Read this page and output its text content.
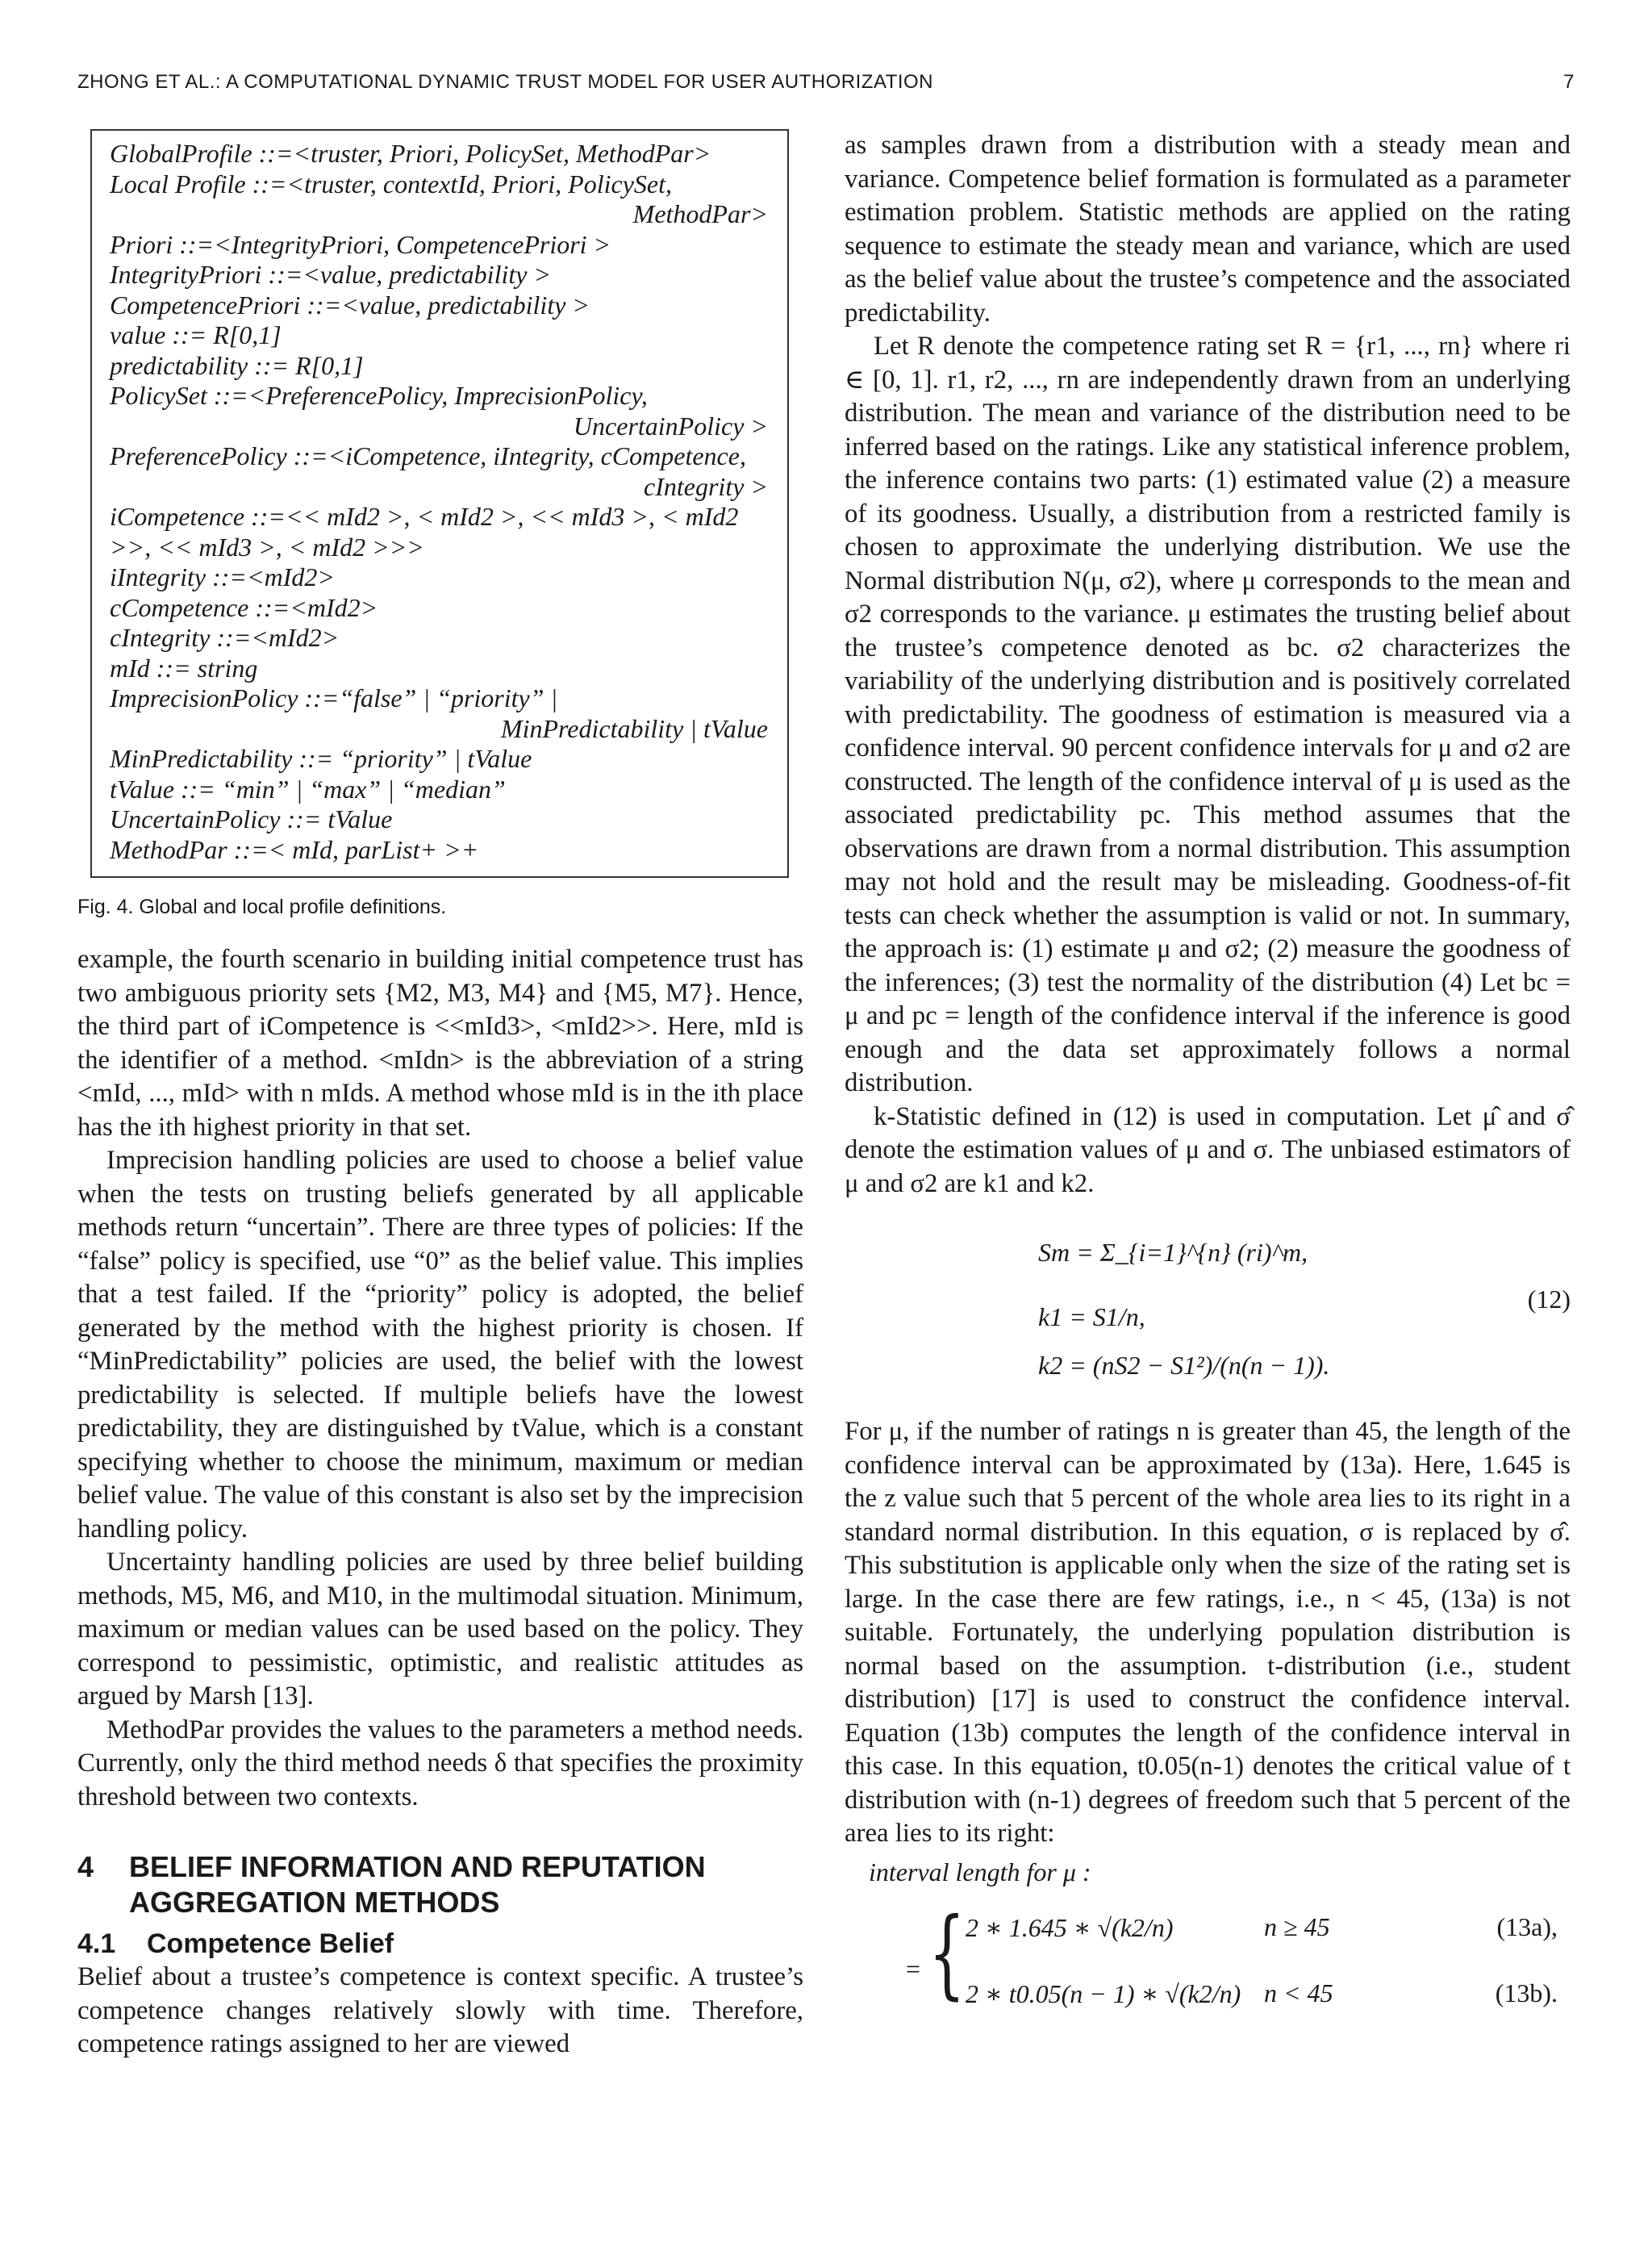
ZHONG ET AL.: A COMPUTATIONAL DYNAMIC TRUST MODEL FOR USER AUTHORIZATION	7
GlobalProfile ::=<truster, Priori, PolicySet, MethodPar>
Local Profile ::=<truster, contextId, Priori, PolicySet,
MethodPar>
Priori ::=<IntegrityPriori, CompetencePriori >
IntegrityPriori ::=<value, predictability >
CompetencePriori ::=<value, predictability >
value ::= R[0,1]
predictability ::= R[0,1]
PolicySet ::=<PreferencePolicy, ImprecisionPolicy,
UncertainPolicy >
PreferencePolicy ::=<iCompetence, iIntegrity, cCompetence,
cIntegrity >
iCompetence ::=<< mId2 >, < mId2 >, << mId3 >, < mId2
>>, << mId3 >, < mId2 >>>
iIntegrity ::=<mId2>
cCompetence ::=<mId2>
cIntegrity ::=<mId2>
mId ::= string
ImprecisionPolicy ::=“false” | “priority” |
MinPredictability | tValue
MinPredictability ::= “priority” | tValue
tValue ::= “min” | “max” | “median”
UncertainPolicy ::= tValue
MethodPar ::=< mId, parList+ >+

Fig. 4. Global and local profile definitions.

example, the fourth scenario in building initial competence trust has two ambiguous priority sets {M2, M3, M4} and {M5, M7}. Hence, the third part of iCompetence is <<mId3>, <mId2>>. Here, mId is the identifier of a method. <mIdn> is the abbreviation of a string <mId, ..., mId> with n mIds. A method whose mId is in the ith place has the ith highest priority in that set.

Imprecision handling policies are used to choose a belief value when the tests on trusting beliefs generated by all applicable methods return “uncertain”. There are three types of policies: If the “false” policy is specified, use “0” as the belief value. This implies that a test failed. If the “priority” policy is adopted, the belief generated by the method with the highest priority is chosen. If “MinPredictability” policies are used, the belief with the lowest predictability is selected. If multiple beliefs have the lowest predictability, they are distinguished by tValue, which is a constant specifying whether to choose the minimum, maximum or median belief value. The value of this constant is also set by the imprecision handling policy.

Uncertainty handling policies are used by three belief building methods, M5, M6, and M10, in the multimodal situation. Minimum, maximum or median values can be used based on the policy. They correspond to pessimistic, optimistic, and realistic attitudes as argued by Marsh [13].

MethodPar provides the values to the parameters a method needs. Currently, only the third method needs δ that specifies the proximity threshold between two contexts.

4	BELIEF INFORMATION AND REPUTATION
AGGREGATION METHODS
4.1	Competence Belief

Belief about a trustee’s competence is context specific. A trustee’s competence changes relatively slowly with time. Therefore, competence ratings assigned to her are viewed

as samples drawn from a distribution with a steady mean and variance. Competence belief formation is formulated as a parameter estimation problem. Statistic methods are applied on the rating sequence to estimate the steady mean and variance, which are used as the belief value about the trustee’s competence and the associated predictability.

Let R denote the competence rating set R = {r1, ..., rn} where ri ∈ [0, 1]. r1, r2, ..., rn are independently drawn from an underlying distribution. The mean and variance of the distribution need to be inferred based on the ratings. Like any statistical inference problem, the inference contains two parts: (1) estimated value (2) a measure of its goodness. Usually, a distribution from a restricted family is chosen to approximate the underlying distribution. We use the Normal distribution N(μ, σ2), where μ corresponds to the mean and σ2 corresponds to the variance. μ estimates the trusting belief about the trustee’s competence denoted as bc. σ2 characterizes the variability of the underlying distribution and is positively correlated with predictability. The goodness of estimation is measured via a confidence interval. 90 percent confidence intervals for μ and σ2 are constructed. The length of the confidence interval of μ is used as the associated predictability pc. This method assumes that the observations are drawn from a normal distribution. This assumption may not hold and the result may be misleading. Goodness-of-fit tests can check whether the assumption is valid or not. In summary, the approach is: (1) estimate μ and σ2; (2) measure the goodness of the inferences; (3) test the normality of the distribution (4) Let bc = μ and pc = length of the confidence interval if the inference is good enough and the data set approximately follows a normal distribution.

k-Statistic defined in (12) is used in computation. Let μ̂ and σ̂ denote the estimation values of μ and σ. The unbiased estimators of μ and σ2 are k1 and k2.

Sm = Σ_{i=1}^{n} (ri)^m,
k1 = S1/n,
k2 = (nS2 − S1²)/(n(n − 1)).
(12)

For μ, if the number of ratings n is greater than 45, the length of the confidence interval can be approximated by (13a). Here, 1.645 is the z value such that 5 percent of the whole area lies to its right in a standard normal distribution. In this equation, σ is replaced by σ̂. This substitution is applicable only when the size of the rating set is large. In the case there are few ratings, i.e., n < 45, (13a) is not suitable. Fortunately, the underlying population distribution is normal based on the assumption. t-distribution (i.e., student distribution) [17] is used to construct the confidence interval. Equation (13b) computes the length of the confidence interval in this case. In this equation, t0.05(n-1) denotes the critical value of t distribution with (n-1) degrees of freedom such that 5 percent of the area lies to its right:

interval length for μ :
= { 2 ∗ 1.645 ∗ √(k2/n)	n ≥ 45	(13a),
2 ∗ t0.05(n − 1) ∗ √(k2/n) n < 45	(13b).
